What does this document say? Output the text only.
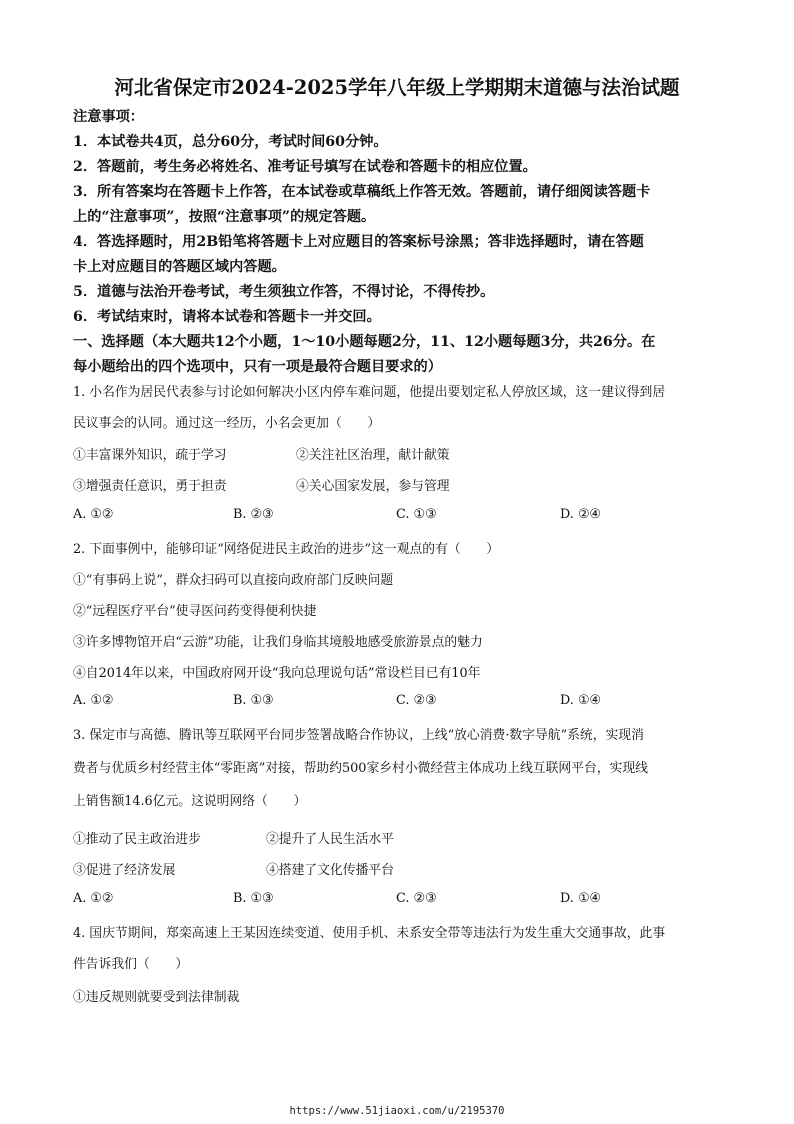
河北省保定市2024-2025学年八年级上学期期末道德与法治试题
注意事项：
1．本试卷共4页，总分60分，考试时间60分钟。
2．答题前，考生务必将姓名、准考证号填写在试卷和答题卡的相应位置。
3．所有答案均在答题卡上作答，在本试卷或草稿纸上作答无效。答题前，请仔细阅读答题卡
上的“注意事项”，按照“注意事项”的规定答题。
4．答选择题时，用2B铅笔将答题卡上对应题目的答案标号涂黑；答非选择题时，请在答题
卡上对应题目的答题区域内答题。
5．道德与法治开卷考试，考生须独立作答，不得讨论，不得传抄。
6．考试结束时，请将本试卷和答题卡一并交回。
一、选择题（本大题共12个小题，1～10小题每题2分，11、12小题每题3分，共26分。在
每小题给出的四个选项中，只有一项是最符合题目要求的）
1. 小名作为居民代表参与讨论如何解决小区内停车难问题，他提出要划定私人停放区域，这一建议得到居
民议事会的认同。通过这一经历，小名会更加（　　）
①丰富课外知识，疏于学习	②关注社区治理，献计献策
③增强责任意识，勇于担责	④关心国家发展，参与管理
A. ①②	B. ②③	C. ①③	D. ②④
2. 下面事例中，能够印证“网络促进民主政治的进步”这一观点的有（　　）
①“有事码上说”，群众扫码可以直接向政府部门反映问题
②“远程医疗平台”使寻医问药变得便利快捷
③许多博物馆开启“云游”功能，让我们身临其境般地感受旅游景点的魅力
④自2014年以来，中国政府网开设“我向总理说句话”常设栏目已有10年
A. ①②	B. ①③	C. ②③	D. ①④
3. 保定市与高德、腾讯等互联网平台同步签署战略合作协议，上线“放心消费·数字导航”系统，实现消
费者与优质乡村经营主体“零距离”对接，帮助约500家乡村小微经营主体成功上线互联网平台，实现线
上销售额14.6亿元。这说明网络（　　）
①推动了民主政治进步	②提升了人民生活水平
③促进了经济发展	④搭建了文化传播平台
A. ①②	B. ①③	C. ②③	D. ①④
4. 国庆节期间，郑栾高速上王某因连续变道、使用手机、未系安全带等违法行为发生重大交通事故，此事
件告诉我们（　　）
①违反规则就要受到法律制裁
https://www.51jiaoxi.com/u/2195370
